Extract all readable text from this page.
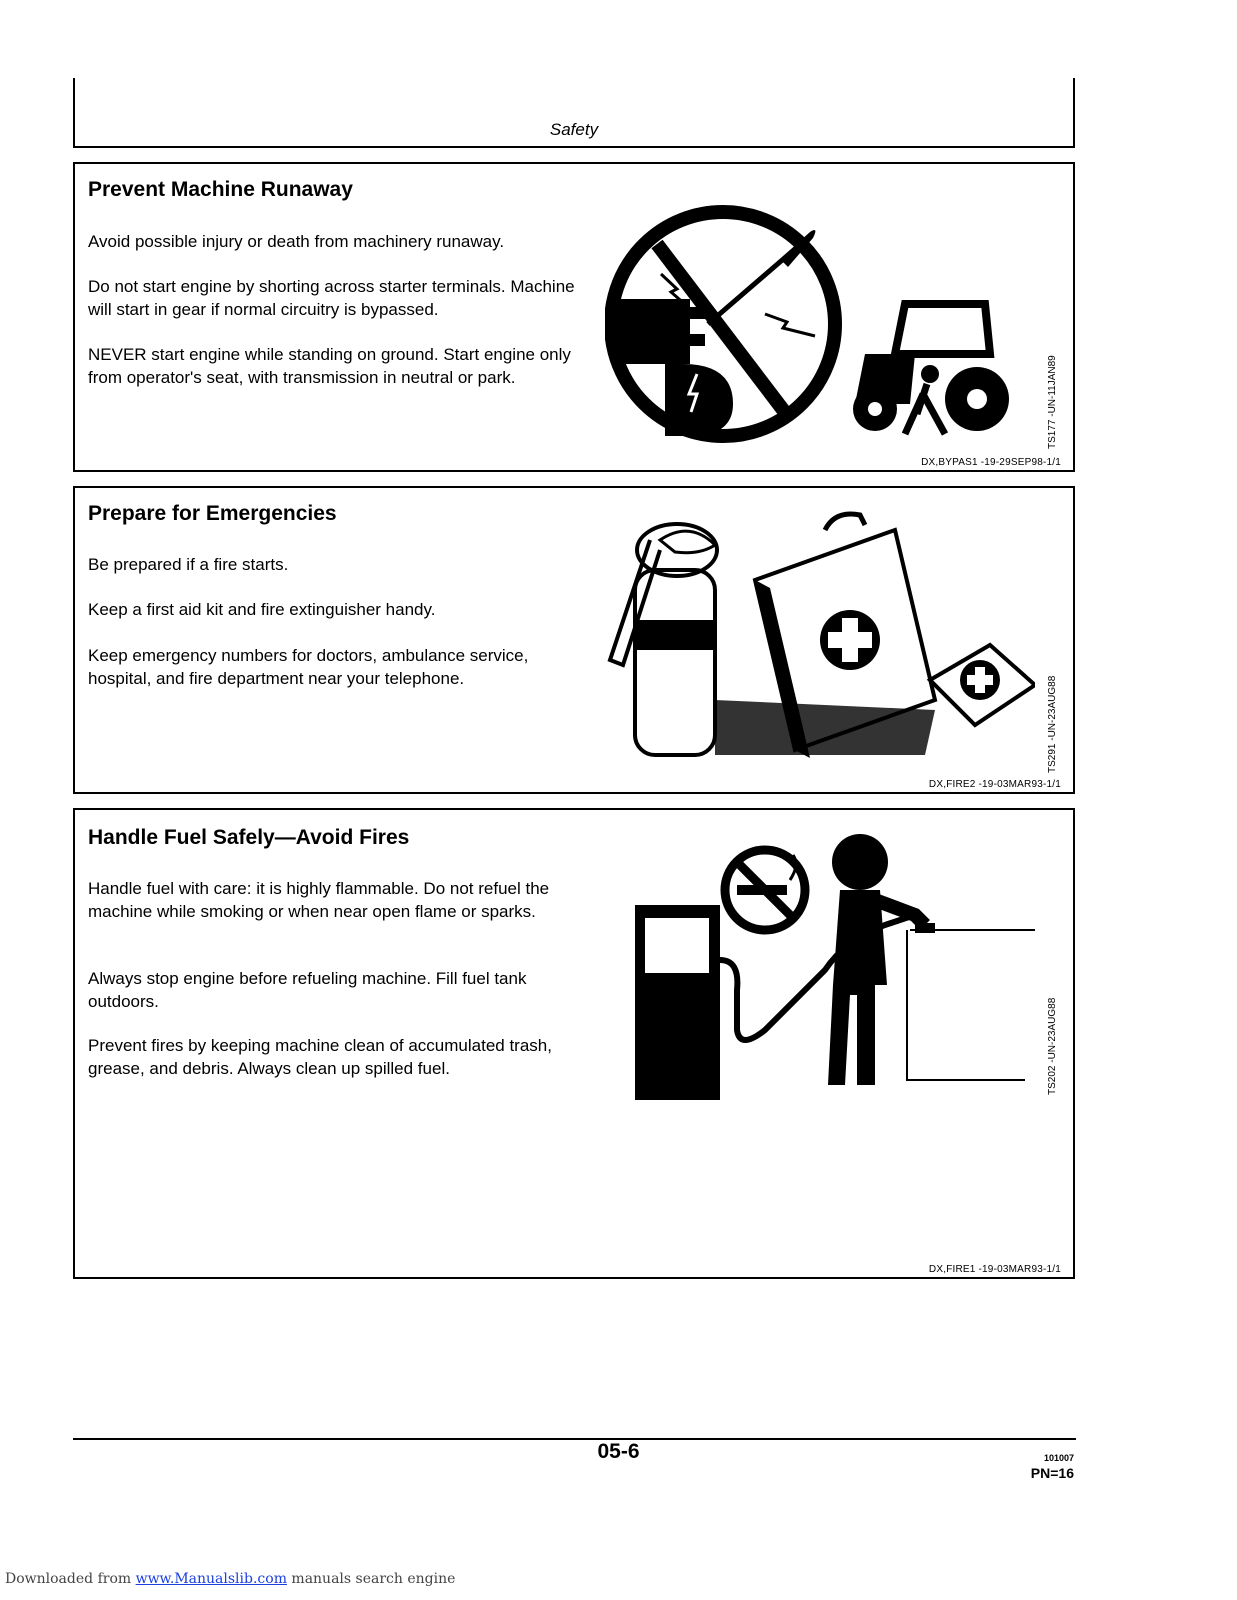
Safety
Prevent Machine Runaway

Avoid possible injury or death from machinery runaway.

Do not start engine by shorting across starter terminals. Machine will start in gear if normal circuitry is bypassed.

NEVER start engine while standing on ground. Start engine only from operator's seat, with transmission in neutral or park.	TS177 -UN-11JAN89
DX,BYPAS1 -19-29SEP98-1/1
Prepare for Emergencies

Be prepared if a fire starts.

Keep a first aid kit and fire extinguisher handy.

Keep emergency numbers for doctors, ambulance service, hospital, and fire department near your telephone.	TS291 -UN-23AUG88
DX,FIRE2 -19-03MAR93-1/1
Handle Fuel Safely—Avoid Fires

Handle fuel with care: it is highly flammable. Do not refuel the machine while smoking or when near open flame or sparks.

Always stop engine before refueling machine. Fill fuel tank outdoors.

Prevent fires by keeping machine clean of accumulated trash, grease, and debris. Always clean up spilled fuel.	TS202 -UN-23AUG88
DX,FIRE1 -19-03MAR93-1/1
05-6	101007
PN=16
Downloaded from www.Manualslib.com manuals search engine
